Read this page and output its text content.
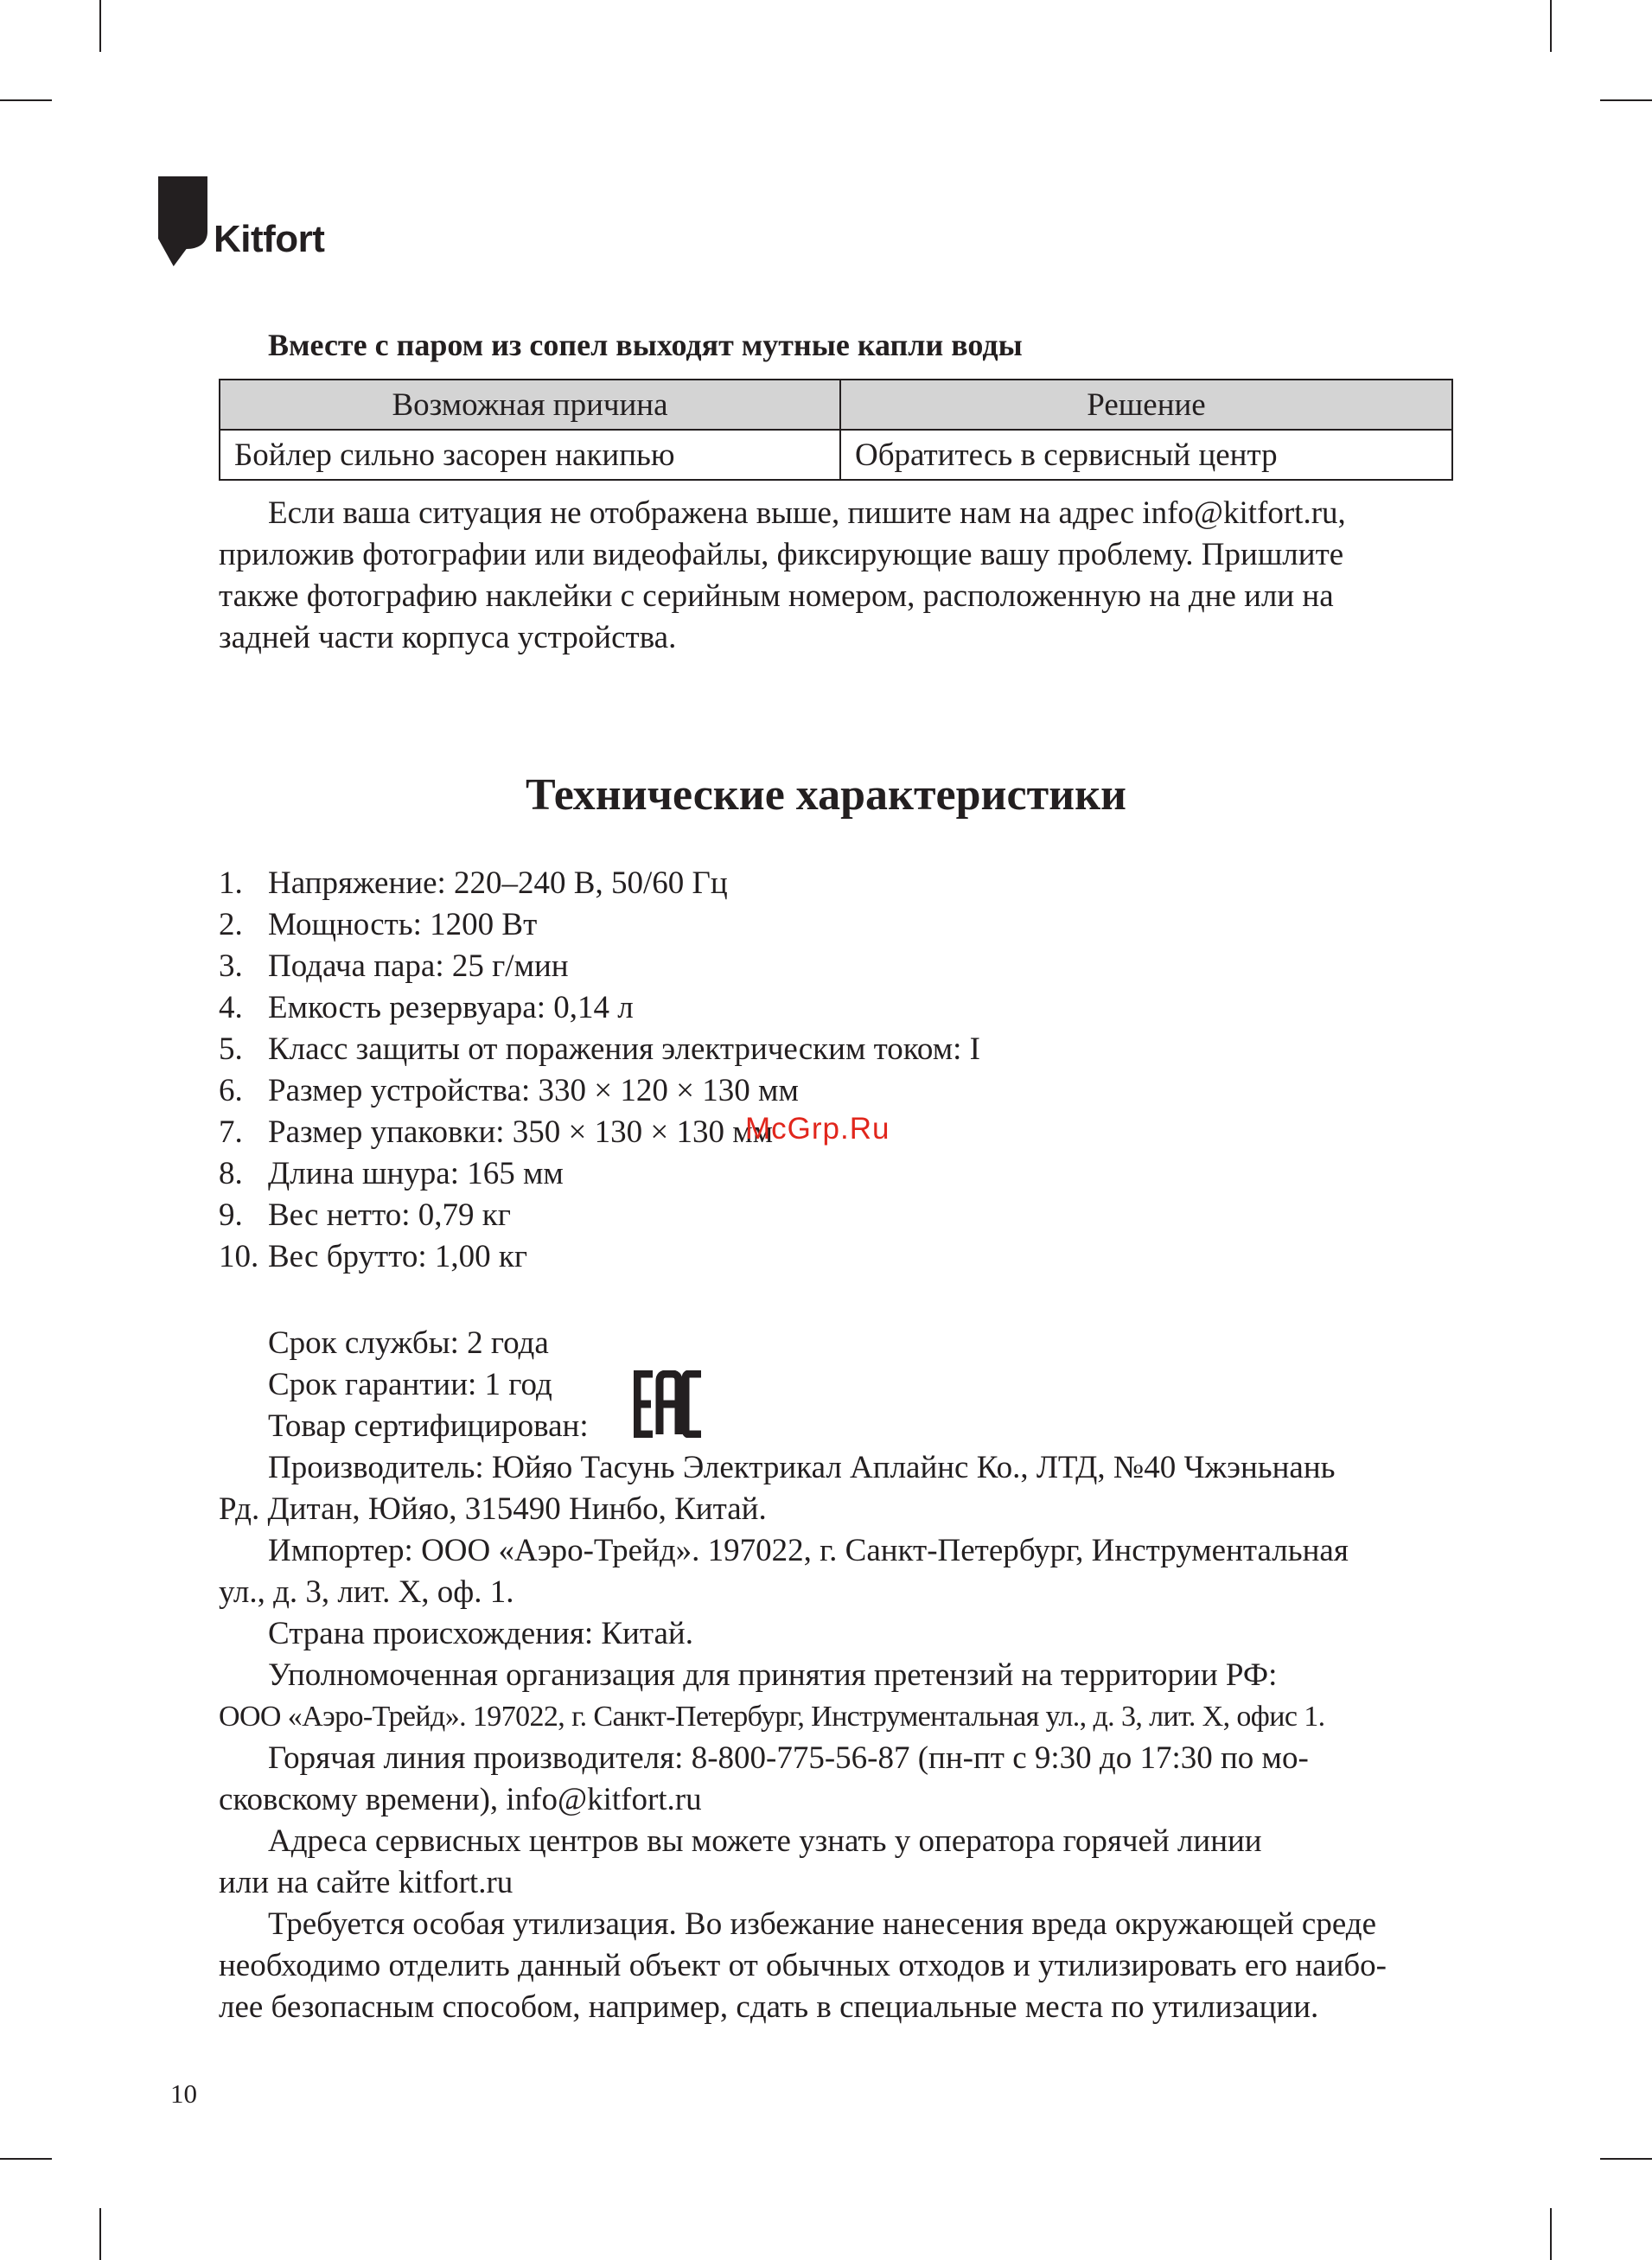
Kitfort
Вместе с паром из сопел выходят мутные капли воды
Возможная причина	Решение
Бойлер сильно засорен накипью	Обратитесь в сервисный центр
Если ваша ситуация не отображена выше, пишите нам на адрес info@kitfort.ru,
приложив фотографии или видеофайлы, фиксирующие вашу проблему. Пришлите
также фотографию наклейки с серийным номером, расположенную на дне или на
задней части корпуса устройства.
Технические характеристики
1. Напряжение: 220–240 В, 50/60 Гц
2. Мощность: 1200 Вт
3. Подача пара: 25 г/мин
4. Емкость резервуара: 0,14 л
5. Класс защиты от поражения электрическим током: I
6. Размер устройства: 330 × 120 × 130 мм
7. Размер упаковки: 350 × 130 × 130 мм
8. Длина шнура: 165 мм
9. Вес нетто: 0,79 кг
10. Вес брутто: 1,00 кг
McGrp.Ru
Срок службы: 2 года
Срок гарантии: 1 год
Товар сертифицирован:
Производитель: Юйяо Тасунь Электрикал Аплайнс Ко., ЛТД, №40 Чжэньнань
Рд. Дитан, Юйяо, 315490 Нинбо, Китай.
Импортер: ООО «Аэро-Трейд». 197022, г. Санкт-Петербург, Инструментальная
ул., д. 3, лит. Х, оф. 1.
Страна происхождения: Китай.
Уполномоченная организация для принятия претензий на территории РФ:
ООО «Аэро-Трейд». 197022, г. Санкт-Петербург, Инструментальная ул., д. 3, лит. Х, офис 1.
Горячая линия производителя: 8-800-775-56-87 (пн-пт с 9:30 до 17:30 по мо-
сковскому времени), info@kitfort.ru
Адреса сервисных центров вы можете узнать у оператора горячей линии
или на сайте kitfort.ru
Требуется особая утилизация. Во избежание нанесения вреда окружающей среде
необходимо отделить данный объект от обычных отходов и утилизировать его наибо-
лее безопасным способом, например, сдать в специальные места по утилизации.
10
